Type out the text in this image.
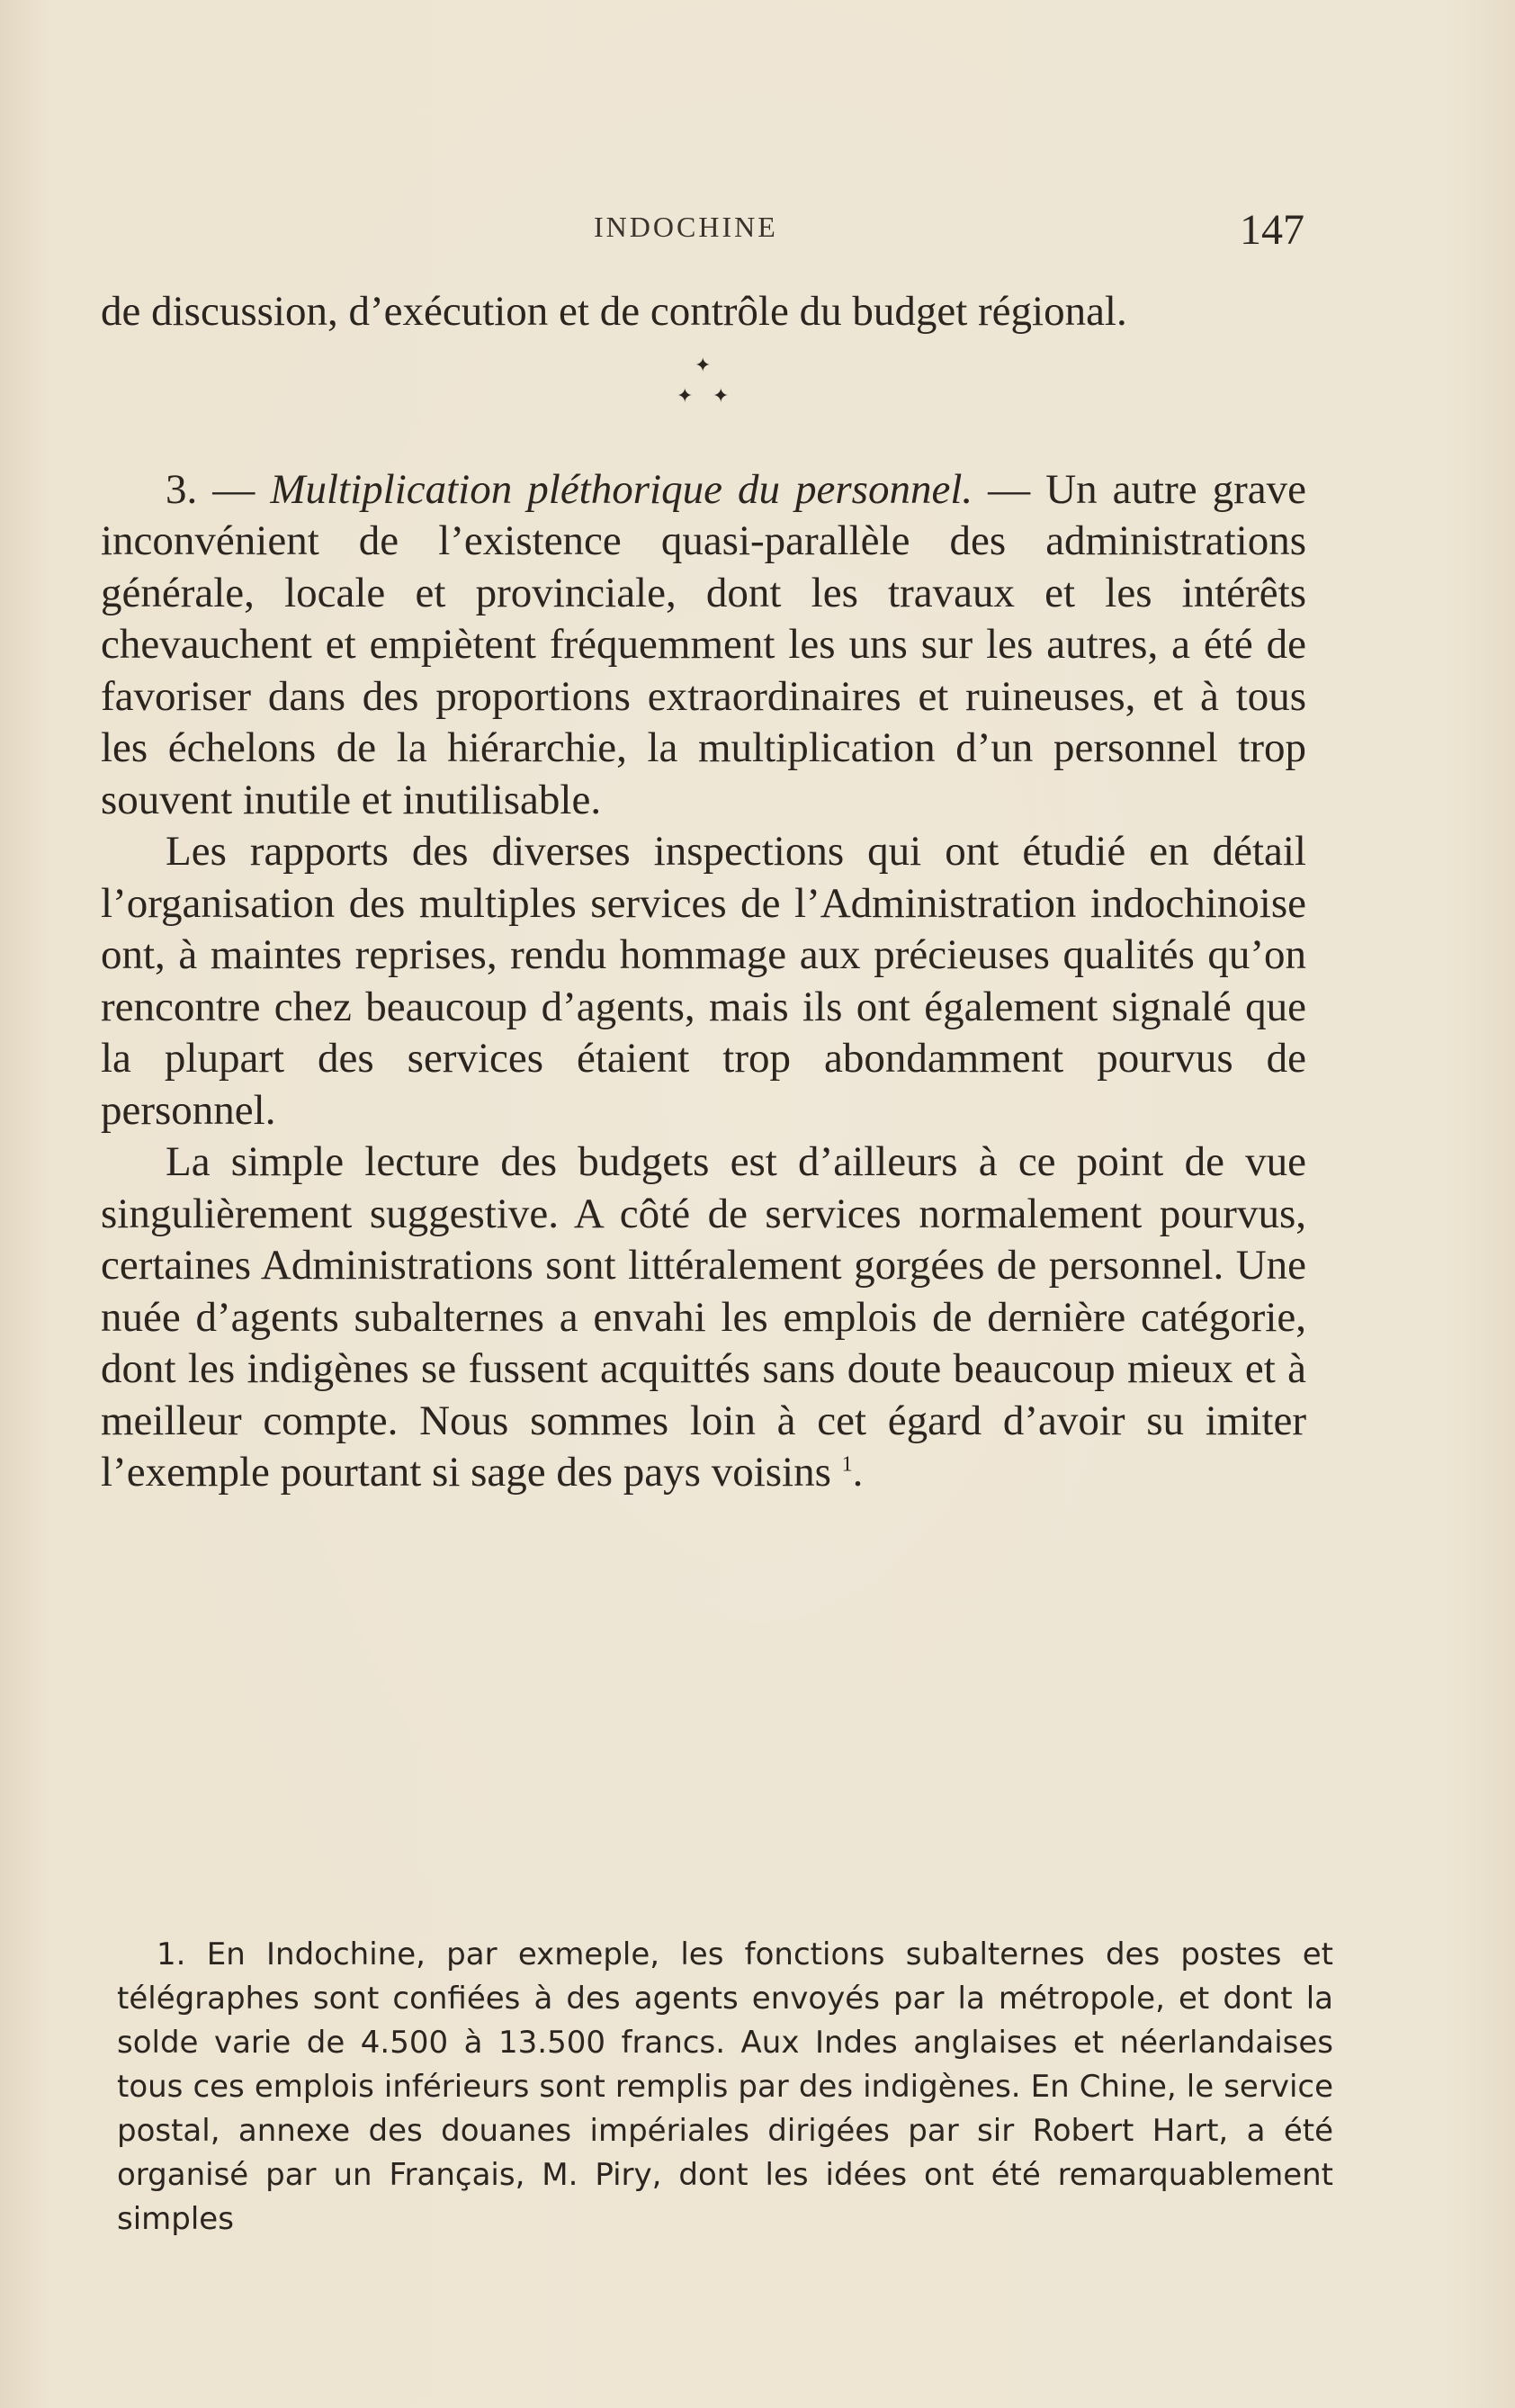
INDOCHINE	147

de discussion, d’exécution et de contrôle du budget régional.

✦
✦ ✦

3. — Multiplication pléthorique du personnel. — Un autre grave inconvénient de l’existence quasi-parallèle des administrations générale, locale et provinciale, dont les travaux et les intérêts chevauchent et empiètent fréquemment les uns sur les autres, a été de favoriser dans des proportions extraordinaires et ruineuses, et à tous les échelons de la hiérarchie, la multiplication d’un personnel trop souvent inutile et inutilisable.

Les rapports des diverses inspections qui ont étudié en détail l’organisation des multiples services de l’Administration indochinoise ont, à maintes reprises, rendu hommage aux précieuses qualités qu’on rencontre chez beaucoup d’agents, mais ils ont également signalé que la plupart des services étaient trop abondamment pourvus de personnel.

La simple lecture des budgets est d’ailleurs à ce point de vue singulièrement suggestive. A côté de services normalement pourvus, certaines Administrations sont littéralement gorgées de personnel. Une nuée d’agents subalternes a envahi les emplois de dernière catégorie, dont les indigènes se fussent acquittés sans doute beaucoup mieux et à meilleur compte. Nous sommes loin à cet égard d’avoir su imiter l’exemple pourtant si sage des pays voisins $^1$.

1. En Indochine, par exmeple, les fonctions subalternes des postes et télégraphes sont confiées à des agents envoyés par la métropole, et dont la solde varie de 4.500 à 13.500 francs. Aux Indes anglaises et néerlandaises tous ces emplois inférieurs sont remplis par des indigènes. En Chine, le service postal, annexe des douanes impériales dirigées par sir Robert Hart, a été organisé par un Français, M. Piry, dont les idées ont été remarquablement simples
